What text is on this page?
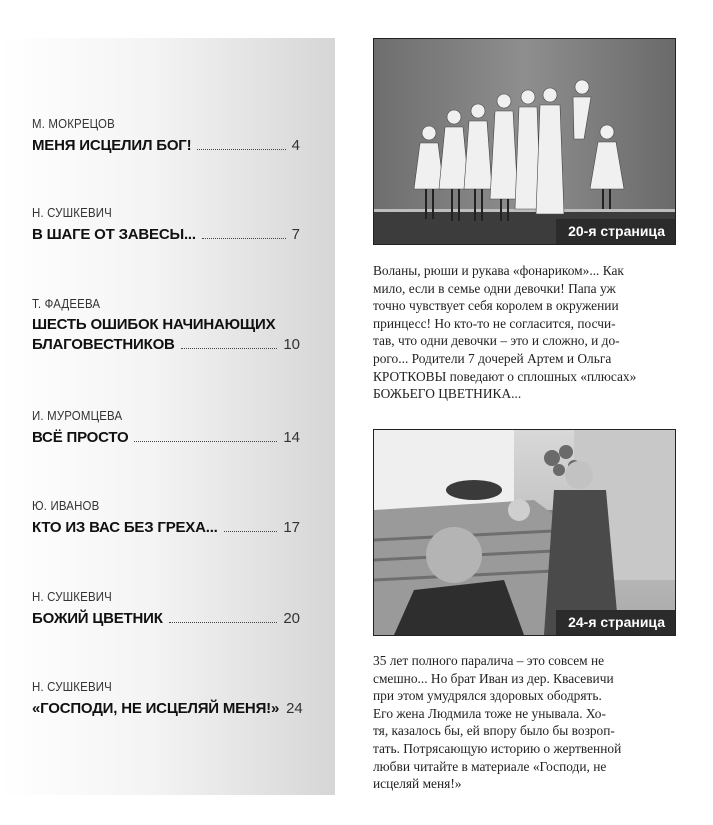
М. МОКРЕЦОВ
МЕНЯ ИСЦЕЛИЛ БОГ!	4
Н. СУШКЕВИЧ
В ШАГЕ ОТ ЗАВЕСЫ...	7
Т. ФАДЕЕВА
ШЕСТЬ ОШИБОК НАЧИНАЮЩИХ
БЛАГОВЕСТНИКОВ	10
И. МУРОМЦЕВА
ВСЁ ПРОСТО	14
Ю. ИВАНОВ
КТО ИЗ ВАС БЕЗ ГРЕХА...	17
Н. СУШКЕВИЧ
БОЖИЙ ЦВЕТНИК	20
Н. СУШКЕВИЧ
«ГОСПОДИ, НЕ ИСЦЕЛЯЙ МЕНЯ!» 24
20-я страница
Воланы, рюши и рукава «фонариком»... Как
мило, если в семье одни девочки! Папа уж
точно чувствует себя королем в окружении
принцесс! Но кто-то не согласится, посчи-
тав, что одни девочки – это и сложно, и до-
рого... Родители 7 дочерей Артем и Ольга
КРОТКОВЫ поведают о сплошных «плюсах»
БОЖЬЕГО ЦВЕТНИКА...
24-я страница
35 лет полного паралича – это совсем не
смешно... Но брат Иван из дер. Квасевичи
при этом умудрялся здоровых ободрять.
Его жена Людмила тоже не унывала. Хо-
тя, казалось бы, ей впору было бы возроп-
тать. Потрясающую историю о жертвенной
любви читайте в материале «Господи, не
исцеляй меня!»
